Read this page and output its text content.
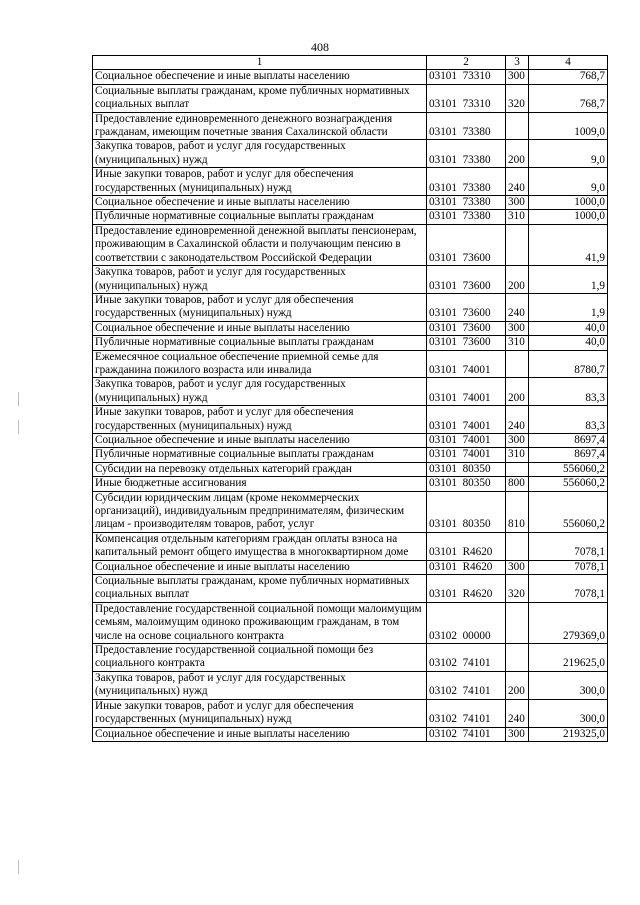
408
1	2	3	4
Социальное обеспечение и иные выплаты населению	03101  73310	300	768,7
Социальные выплаты гражданам, кроме публичных нормативных социальных выплат	03101  73310	320	768,7
Предоставление единовременного денежного вознаграждения гражданам, имеющим почетные звания Сахалинской области	03101  73380		1009,0
Закупка товаров, работ и услуг для государственных (муниципальных) нужд	03101  73380	200	9,0
Иные закупки товаров, работ и услуг для обеспечения государственных (муниципальных) нужд	03101  73380	240	9,0
Социальное обеспечение и иные выплаты населению	03101  73380	300	1000,0
Публичные нормативные социальные выплаты гражданам	03101  73380	310	1000,0
Предоставление единовременной денежной выплаты пенсионерам, проживающим в Сахалинской области и получающим пенсию в соответствии с законодательством Российской Федерации	03101  73600		41,9
Закупка товаров, работ и услуг для государственных (муниципальных) нужд	03101  73600	200	1,9
Иные закупки товаров, работ и услуг для обеспечения государственных (муниципальных) нужд	03101  73600	240	1,9
Социальное обеспечение и иные выплаты населению	03101  73600	300	40,0
Публичные нормативные социальные выплаты гражданам	03101  73600	310	40,0
Ежемесячное социальное обеспечение приемной семье для гражданина пожилого возраста или инвалида	03101  74001		8780,7
Закупка товаров, работ и услуг для государственных (муниципальных) нужд	03101  74001	200	83,3
Иные закупки товаров, работ и услуг для обеспечения государственных (муниципальных) нужд	03101  74001	240	83,3
Социальное обеспечение и иные выплаты населению	03101  74001	300	8697,4
Публичные нормативные социальные выплаты гражданам	03101  74001	310	8697,4
Субсидии на перевозку отдельных категорий граждан	03101  80350		556060,2
Иные бюджетные ассигнования	03101  80350	800	556060,2
Субсидии юридическим лицам (кроме некоммерческих организаций), индивидуальным предпринимателям, физическим лицам - производителям товаров, работ, услуг	03101  80350	810	556060,2
Компенсация отдельным категориям граждан оплаты взноса на капитальный ремонт общего имущества в многоквартирном доме	03101  R4620		7078,1
Социальное обеспечение и иные выплаты населению	03101  R4620	300	7078,1
Социальные выплаты гражданам, кроме публичных нормативных социальных выплат	03101  R4620	320	7078,1
Предоставление государственной социальной помощи малоимущим семьям, малоимущим одиноко проживающим гражданам, в том числе на основе социального контракта	03102  00000		279369,0
Предоставление государственной социальной помощи без социального контракта	03102  74101		219625,0
Закупка товаров, работ и услуг для государственных (муниципальных) нужд	03102  74101	200	300,0
Иные закупки товаров, работ и услуг для обеспечения государственных (муниципальных) нужд	03102  74101	240	300,0
Социальное обеспечение и иные выплаты населению	03102  74101	300	219325,0
